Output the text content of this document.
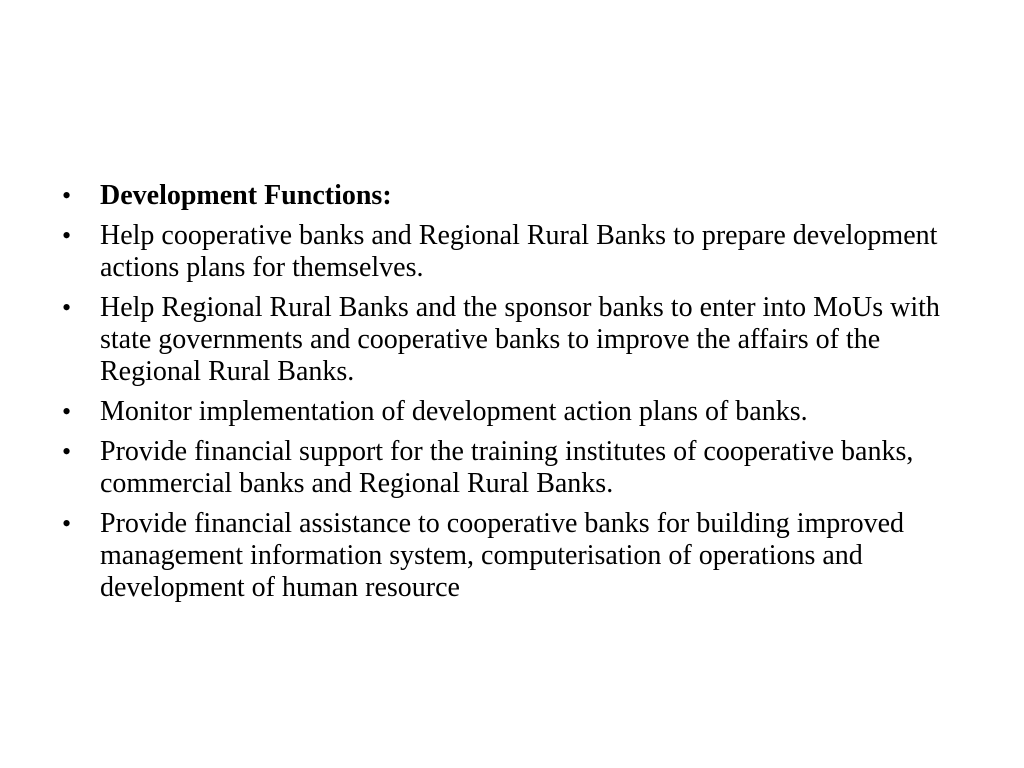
• Development Functions:
• Help cooperative banks and Regional Rural Banks to prepare development actions plans for themselves.
• Help Regional Rural Banks and the sponsor banks to enter into MoUs with state governments and cooperative banks to improve the affairs of the Regional Rural Banks.
• Monitor implementation of development action plans of banks.
• Provide financial support for the training institutes of cooperative banks, commercial banks and Regional Rural Banks.
• Provide financial assistance to cooperative banks for building improved management information system, computerisation of operations and development of human resource
